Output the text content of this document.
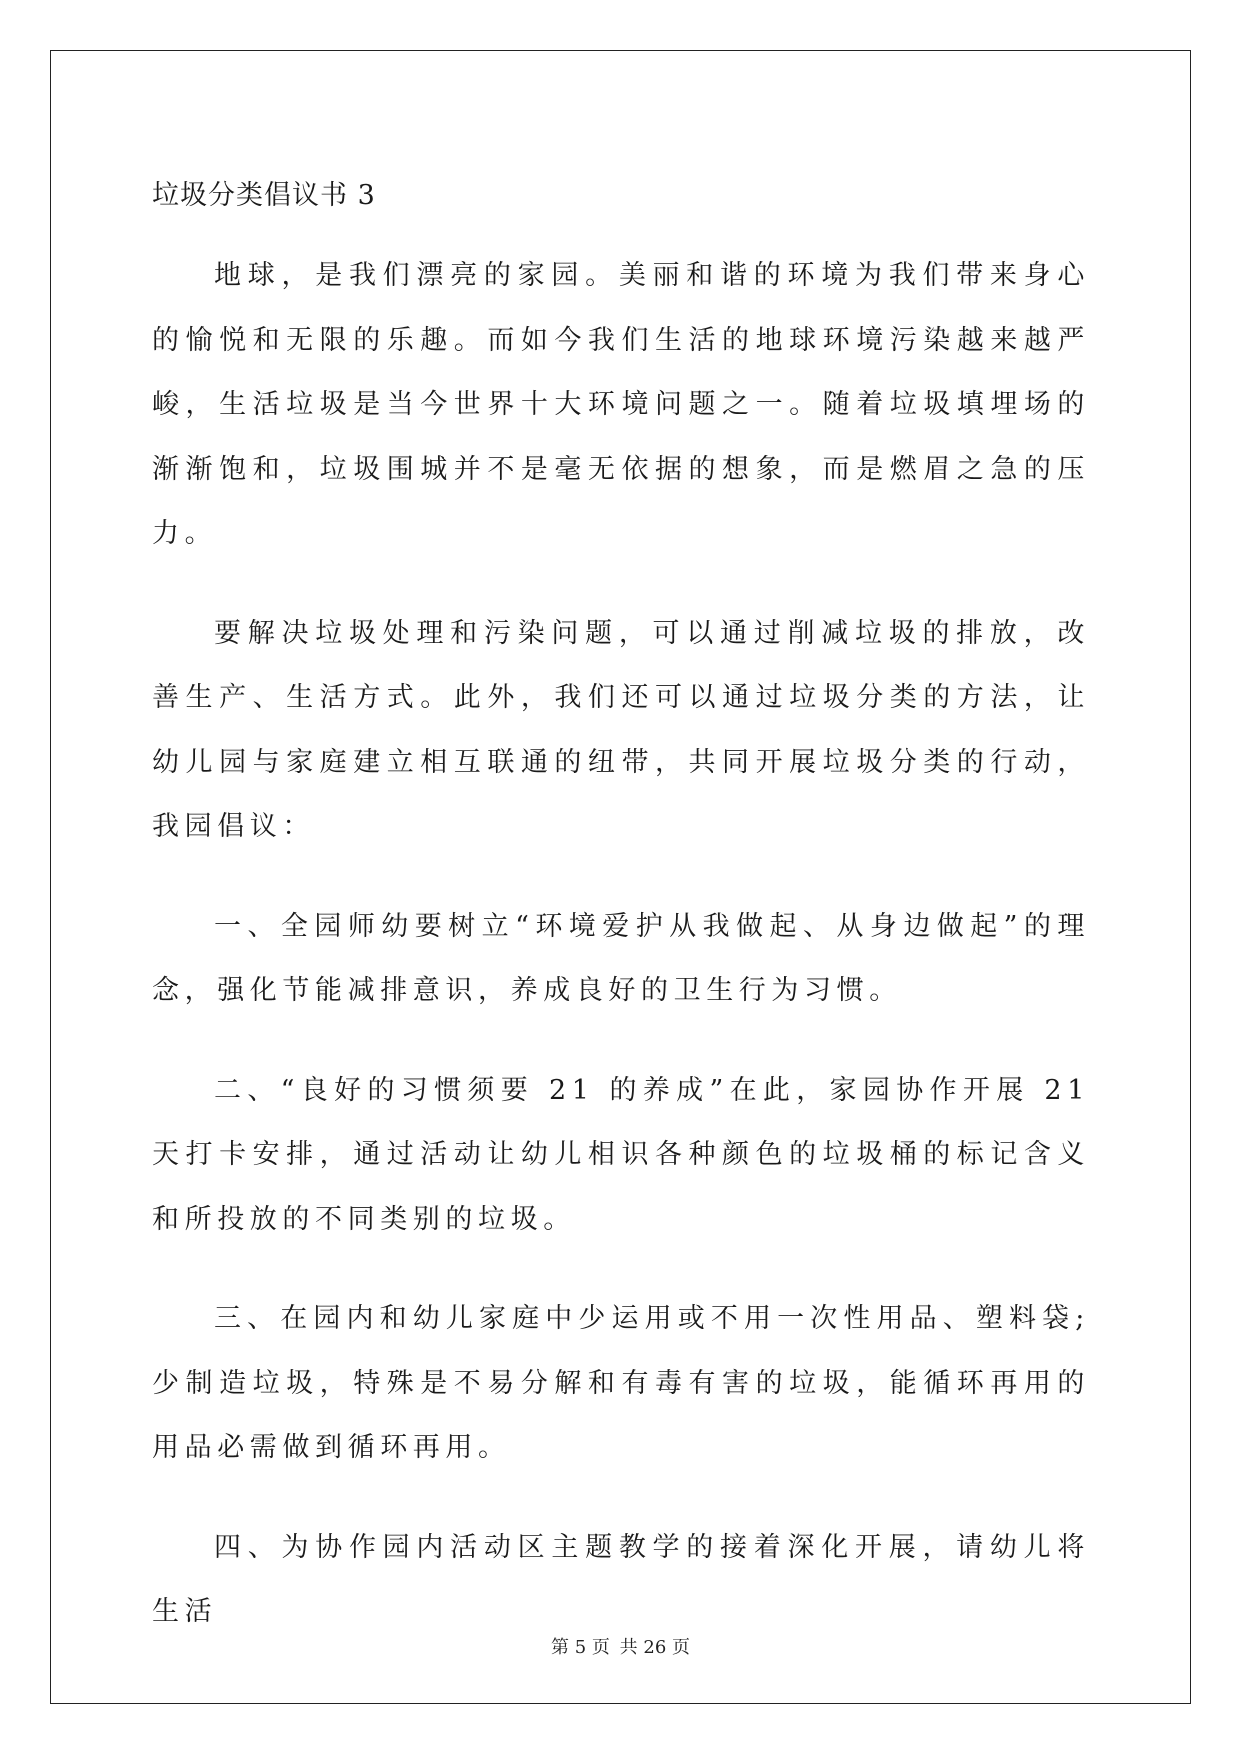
垃圾分类倡议书 3

地球，是我们漂亮的家园。美丽和谐的环境为我们带来身心的愉悦和无限的乐趣。而如今我们生活的地球环境污染越来越严峻，生活垃圾是当今世界十大环境问题之一。随着垃圾填埋场的渐渐饱和，垃圾围城并不是毫无依据的想象，而是燃眉之急的压力。

要解决垃圾处理和污染问题，可以通过削减垃圾的排放，改善生产、生活方式。此外，我们还可以通过垃圾分类的方法，让幼儿园与家庭建立相互联通的纽带，共同开展垃圾分类的行动，我园倡议：

一、全园师幼要树立“环境爱护从我做起、从身边做起”的理念，强化节能减排意识，养成良好的卫生行为习惯。

二、“良好的习惯须要 21 的养成”在此，家园协作开展 21 天打卡安排，通过活动让幼儿相识各种颜色的垃圾桶的标记含义和所投放的不同类别的垃圾。

三、在园内和幼儿家庭中少运用或不用一次性用品、塑料袋;少制造垃圾，特殊是不易分解和有毒有害的垃圾，能循环再用的用品必需做到循环再用。

四、为协作园内活动区主题教学的接着深化开展，请幼儿将生活

第 5 页 共 26 页
